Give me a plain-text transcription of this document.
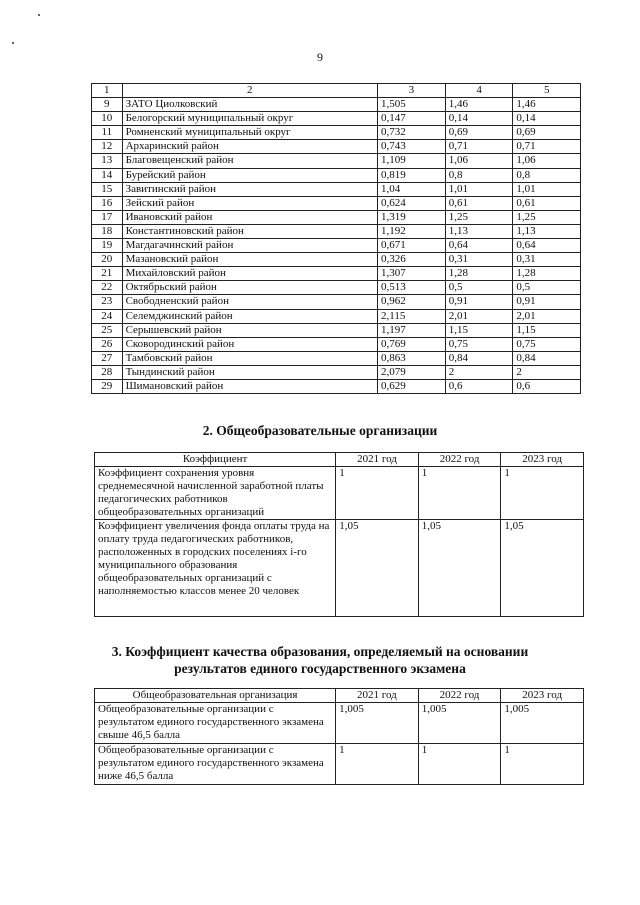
9
1	2	3	4	5
9	ЗАТО Циолковский	1,505	1,46	1,46
10	Белогорский муниципальный округ	0,147	0,14	0,14
11	Ромненский муниципальный округ	0,732	0,69	0,69
12	Архаринский район	0,743	0,71	0,71
13	Благовещенский район	1,109	1,06	1,06
14	Бурейский район	0,819	0,8	0,8
15	Завитинский район	1,04	1,01	1,01
16	Зейский район	0,624	0,61	0,61
17	Ивановский район	1,319	1,25	1,25
18	Константиновский район	1,192	1,13	1,13
19	Магдагачинский район	0,671	0,64	0,64
20	Мазановский район	0,326	0,31	0,31
21	Михайловский район	1,307	1,28	1,28
22	Октябрьский район	0,513	0,5	0,5
23	Свободненский район	0,962	0,91	0,91
24	Селемджинский район	2,115	2,01	2,01
25	Серышевский район	1,197	1,15	1,15
26	Сковородинский район	0,769	0,75	0,75
27	Тамбовский район	0,863	0,84	0,84
28	Тындинский район	2,079	2	2
29	Шимановский район	0,629	0,6	0,6
2. Общеобразовательные организации
Коэффициент	2021 год	2022 год	2023 год
Коэффициент сохранения уровня среднемесячной начисленной заработной платы педагогических работников общеобразовательных организаций	1	1	1
Коэффициент увеличения фонда оплаты труда на оплату труда педагогических работников, расположенных в городских поселениях i-го муниципального образования общеобразовательных организаций с наполняемостью классов менее 20 человек	1,05	1,05	1,05
3. Коэффициент качества образования, определяемый на основании
результатов единого государственного экзамена
Общеобразовательная организация	2021 год	2022 год	2023 год
Общеобразовательные организации с результатом единого государственного экзамена свыше 46,5 балла	1,005	1,005	1,005
Общеобразовательные организации с результатом единого государственного экзамена ниже 46,5 балла	1	1	1
